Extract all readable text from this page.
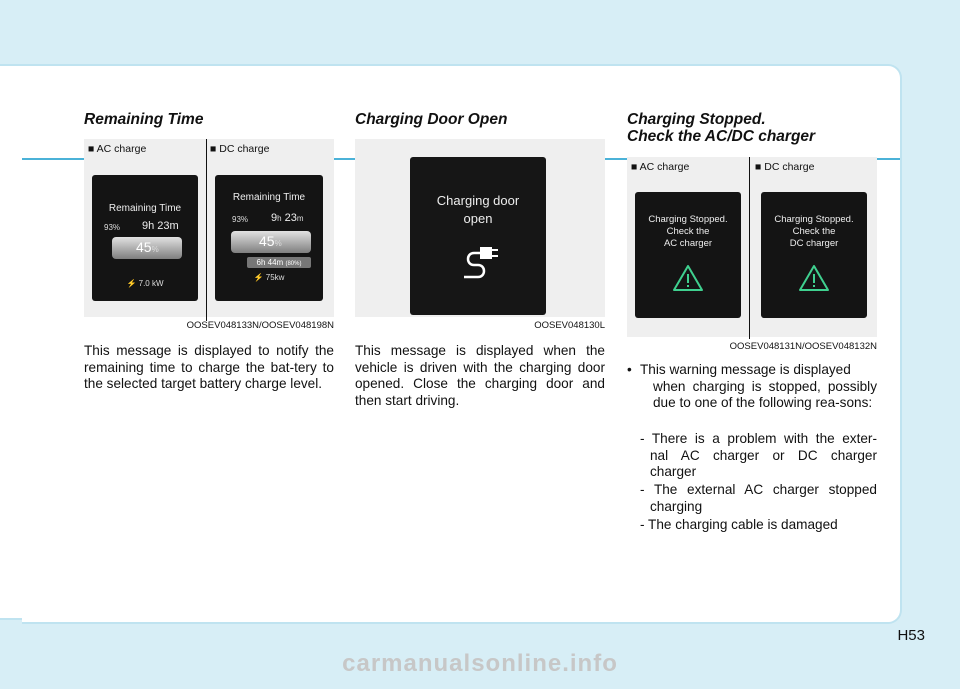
Remaining Time
■ AC charge	■ DC charge
Remaining Time
93% 9h 23m
45%
⚡ 7.0 kW
Remaining Time
93% 9h 23m
45%
6h 44m (80%)
⚡ 75kw
OOSEV048133N/OOSEV048198N
This message is displayed to notify the remaining time to charge the bat-tery to the selected target battery charge level.
Charging Door Open
Charging door
open
OOSEV048130L
This message is displayed when the vehicle is driven with the charging door opened. Close the charging door and then start driving.
Charging Stopped.
Check the AC/DC charger
■ AC charge	■ DC charge
Charging Stopped.
Check the
AC charger
Charging Stopped.
Check the
DC charger
OOSEV048131N/OOSEV048132N
• This warning message is displayed
when charging is stopped, possibly due to one of the following rea-sons:
- There is a problem with the exter-
nal AC charger or DC charger charger
- The external AC charger stopped
charging
- The charging cable is damaged
H53
carmanualsonline.info
